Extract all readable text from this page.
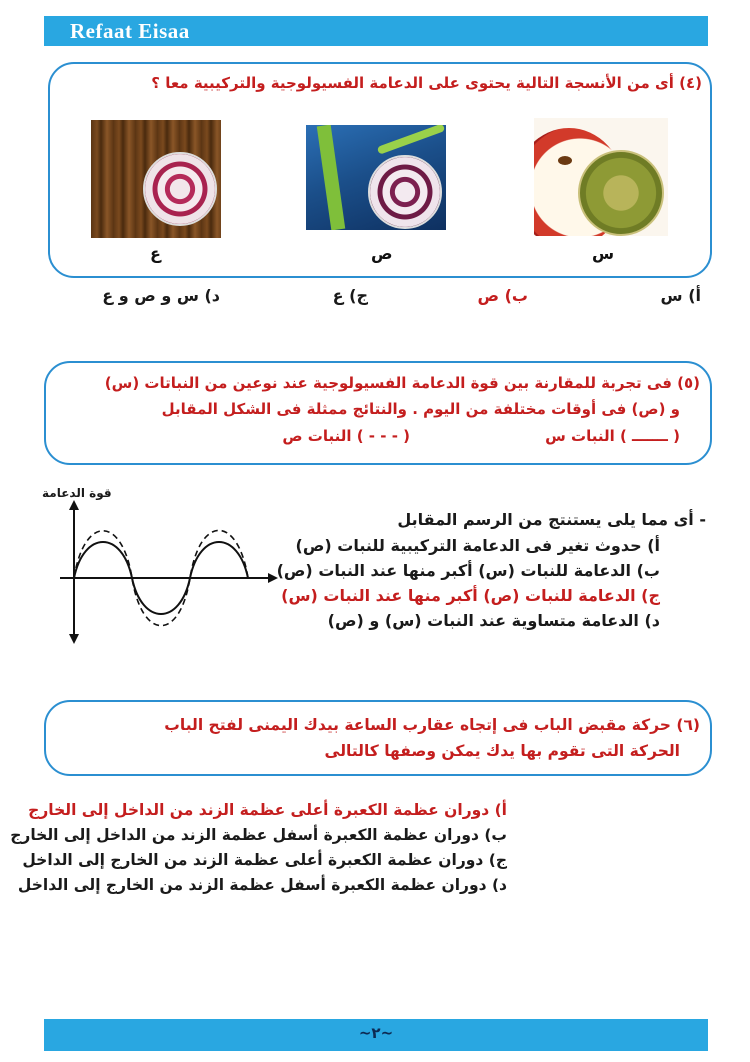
Refaat Eisaa
(٤) أى من الأنسجة التالية يحتوى على الدعامة الفسيولوجية والتركيبية معا ؟
ع	ص	س
أ) س
ب) ص
ج) ع
د) س و ص و ع
(٥) فى تجربة للمقارنة بين قوة الدعامة الفسيولوجية عند نوعين من النباتات (س)
و (ص) فى أوقات مختلفة من اليوم . والنتائج ممثلة فى الشكل المقابل
( ـــــــ ) النبات س
( - - - ) النبات ص
قوة الدعامة
- أى مما يلى يستنتج من الرسم المقابل
أ) حدوث تغير فى الدعامة التركيبية للنبات (ص)
ب) الدعامة للنبات (س) أكبر منها عند النبات (ص)
ج) الدعامة للنبات (ص) أكبر منها عند النبات (س)
د) الدعامة متساوية عند النبات (س) و (ص)
(٦) حركة مقبض الباب فى إتجاه عقارب الساعة بيدك اليمنى لفتح الباب
الحركة التى تقوم بها يدك يمكن وصفها كالتالى
أ) دوران عظمة الكعبرة أعلى عظمة الزند من الداخل إلى الخارج
ب) دوران عظمة الكعبرة أسفل عظمة الزند من الداخل إلى الخارج
ج) دوران عظمة الكعبرة أعلى عظمة الزند من الخارج إلى الداخل
د) دوران عظمة الكعبرة أسفل عظمة الزند من الخارج إلى الداخل
~٢~
